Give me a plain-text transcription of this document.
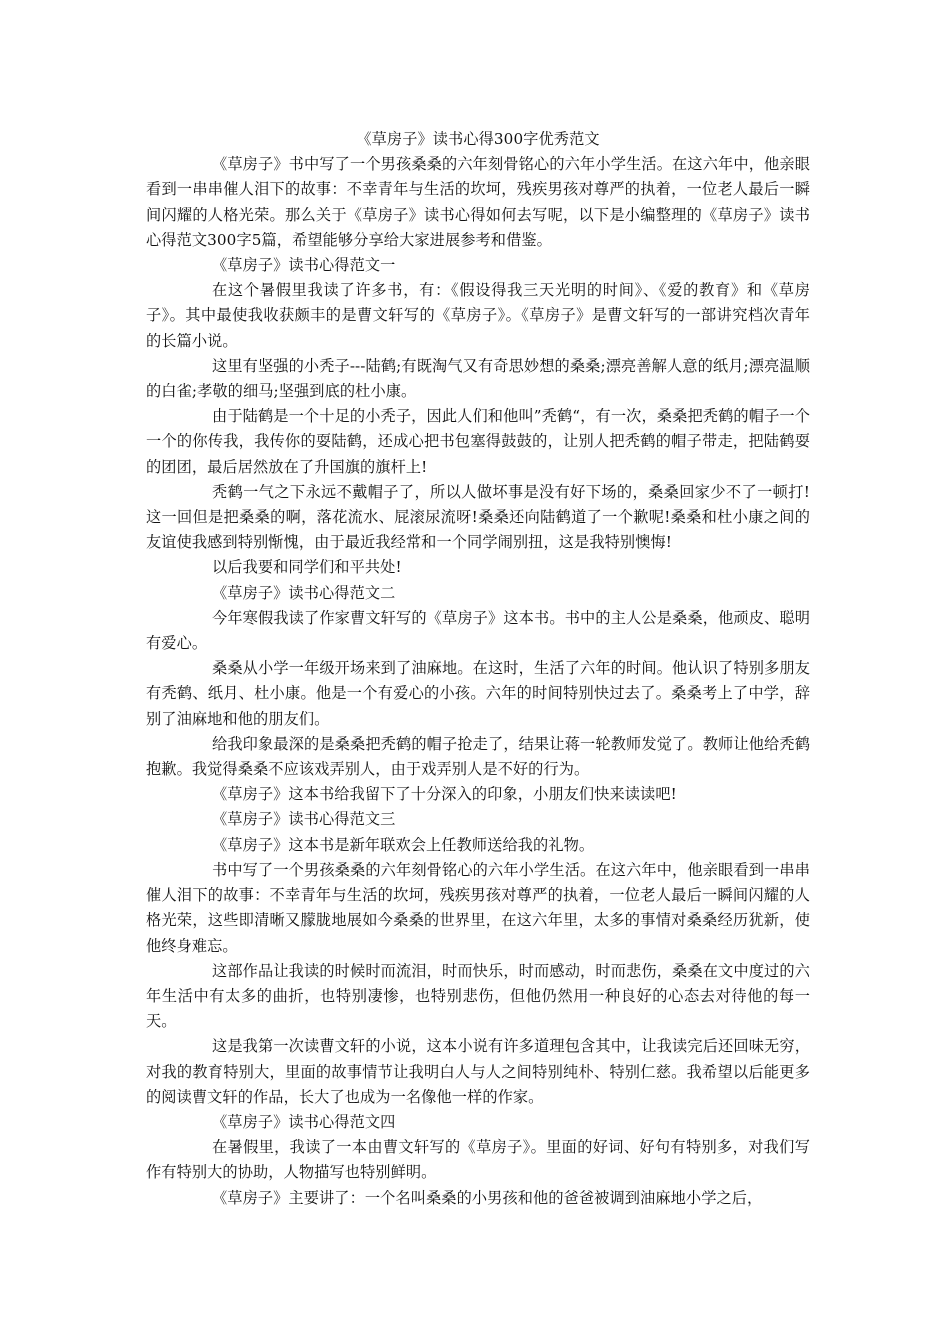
《草房子》读书心得300字优秀范文

《草房子》书中写了一个男孩桑桑的六年刻骨铭心的六年小学生活。在这六年中，他亲眼看到一串串催人泪下的故事：不幸青年与生活的坎坷，残疾男孩对尊严的执着，一位老人最后一瞬间闪耀的人格光荣。那么关于《草房子》读书心得如何去写呢，以下是小编整理的《草房子》读书心得范文300字5篇，希望能够分享给大家进展参考和借鉴。

《草房子》读书心得范文一

在这个暑假里我读了许多书，有：《假设得我三天光明的时间》、《爱的教育》和《草房子》。其中最使我收获颇丰的是曹文轩写的《草房子》。《草房子》是曹文轩写的一部讲究档次青年的长篇小说。

这里有坚强的小秃子---陆鹤;有既淘气又有奇思妙想的桑桑;漂亮善解人意的纸月;漂亮温顺的白雀;孝敬的细马;坚强到底的杜小康。

由于陆鹤是一个十足的小秃子，因此人们和他叫”秃鹤“，有一次，桑桑把秃鹤的帽子一个一个的你传我，我传你的耍陆鹤，还成心把书包塞得鼓鼓的，让别人把秃鹤的帽子带走，把陆鹤耍的团团，最后居然放在了升国旗的旗杆上!

秃鹤一气之下永远不戴帽子了，所以人做坏事是没有好下场的，桑桑回家少不了一顿打!这一回但是把桑桑的啊，落花流水、屁滚尿流呀!桑桑还向陆鹤道了一个歉呢!桑桑和杜小康之间的友谊使我感到特别惭愧，由于最近我经常和一个同学闹别扭，这是我特别懊悔!

以后我要和同学们和平共处!

《草房子》读书心得范文二

今年寒假我读了作家曹文轩写的《草房子》这本书。书中的主人公是桑桑，他顽皮、聪明有爱心。

桑桑从小学一年级开场来到了油麻地。在这时，生活了六年的时间。他认识了特别多朋友有秃鹤、纸月、杜小康。他是一个有爱心的小孩。六年的时间特别快过去了。桑桑考上了中学，辞别了油麻地和他的朋友们。

给我印象最深的是桑桑把秃鹤的帽子抢走了，结果让蒋一轮教师发觉了。教师让他给秃鹤抱歉。我觉得桑桑不应该戏弄别人，由于戏弄别人是不好的行为。

《草房子》这本书给我留下了十分深入的印象，小朋友们快来读读吧!

《草房子》读书心得范文三

《草房子》这本书是新年联欢会上任教师送给我的礼物。

书中写了一个男孩桑桑的六年刻骨铭心的六年小学生活。在这六年中，他亲眼看到一串串催人泪下的故事：不幸青年与生活的坎坷，残疾男孩对尊严的执着，一位老人最后一瞬间闪耀的人格光荣，这些即清晰又朦胧地展如今桑桑的世界里，在这六年里，太多的事情对桑桑经历犹新，使他终身难忘。

这部作品让我读的时候时而流泪，时而快乐，时而感动，时而悲伤，桑桑在文中度过的六年生活中有太多的曲折，也特别凄惨，也特别悲伤，但他仍然用一种良好的心态去对待他的每一天。

这是我第一次读曹文轩的小说，这本小说有许多道理包含其中，让我读完后还回味无穷，对我的教育特别大，里面的故事情节让我明白人与人之间特别纯朴、特别仁慈。我希望以后能更多的阅读曹文轩的作品，长大了也成为一名像他一样的作家。

《草房子》读书心得范文四

在暑假里，我读了一本由曹文轩写的《草房子》。里面的好词、好句有特别多，对我们写作有特别大的协助，人物描写也特别鲜明。

《草房子》主要讲了：一个名叫桑桑的小男孩和他的爸爸被调到油麻地小学之后，
